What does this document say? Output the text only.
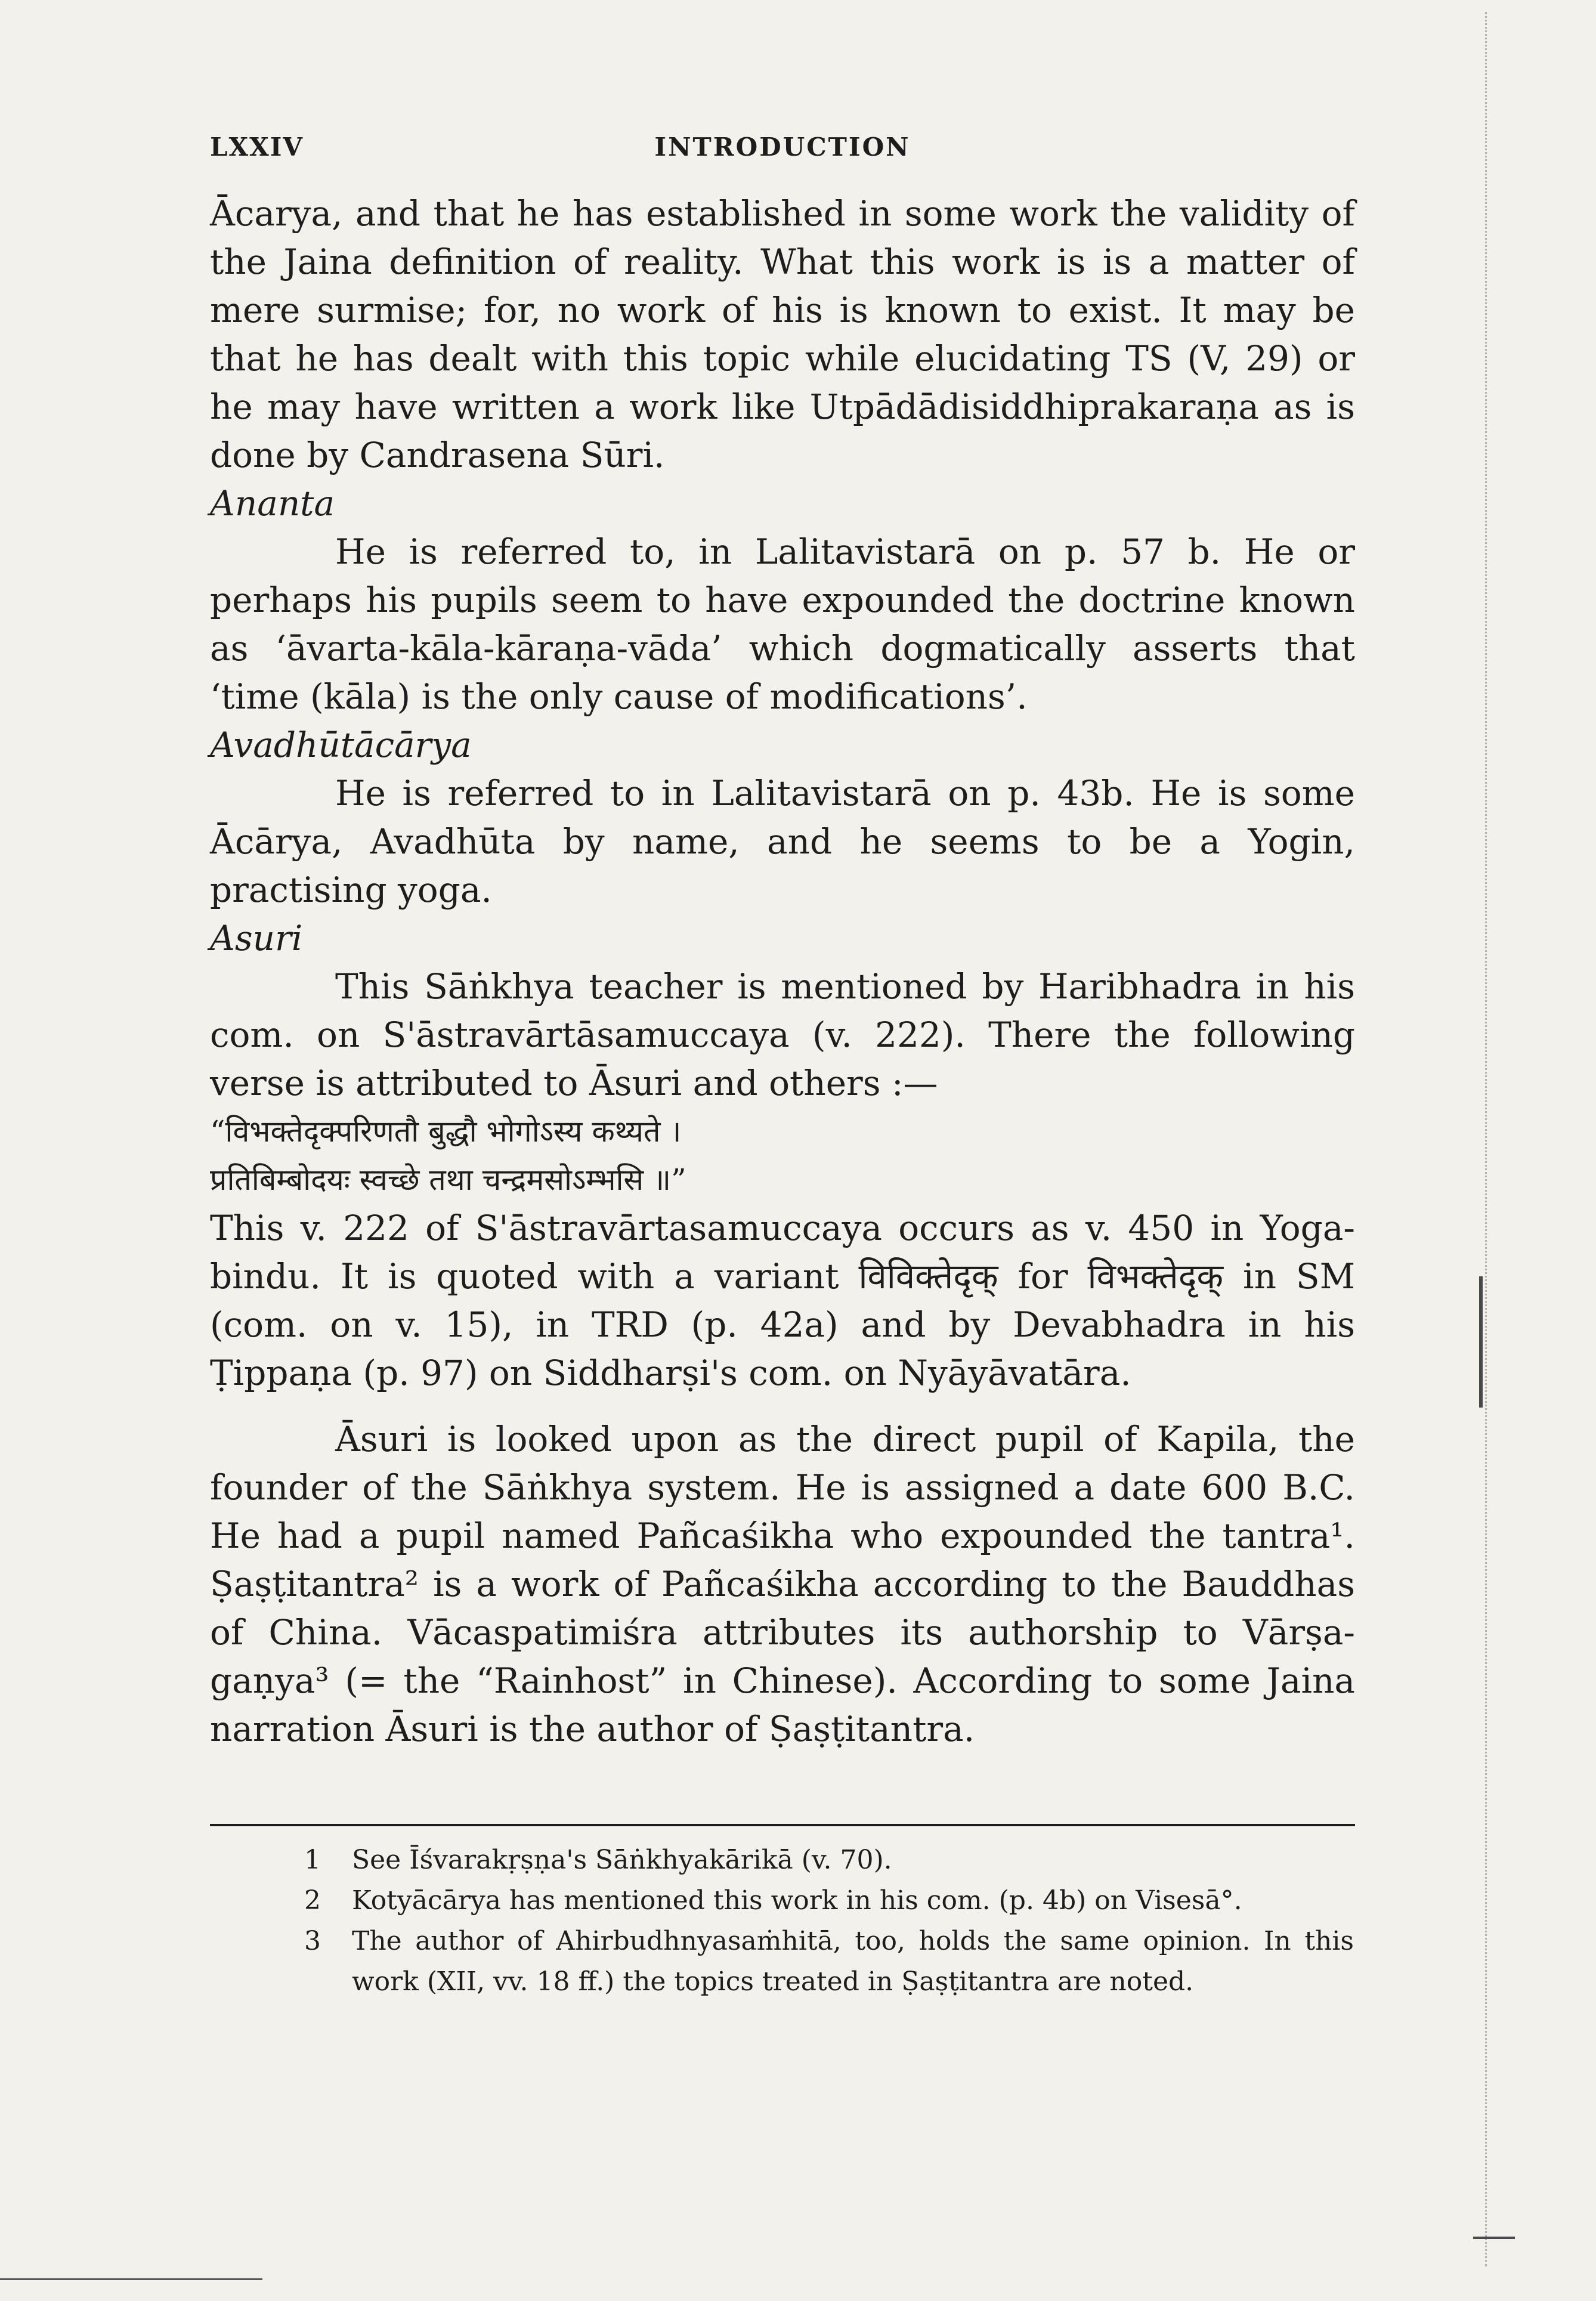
LXXIV	INTRODUCTION

Ācarya, and that he has established in some work the validity of the Jaina definition of reality. What this work is is a matter of mere surmise; for, no work of his is known to exist. It may be that he has dealt with this topic while elucidating TS (V, 29) or he may have written a work like Utpādādisiddhiprakaraṇa as is done by Candrasena Sūri.

Ananta

He is referred to, in Lalitavistarā on p. 57 b. He or perhaps his pupils seem to have expounded the doctrine known as ‘āvarta-kāla-kāraṇa-vāda’ which dogmatically asserts that ‘time (kāla) is the only cause of modifications’.

Avadhūtācārya

He is referred to in Lalitavistarā on p. 43b. He is some Ācārya, Avadhūta by name, and he seems to be a Yogin, practising yoga.

Asuri

This Sāṅkhya teacher is mentioned by Haribhadra in his com. on S'āstravārtāsamuccaya (v. 222). There the following verse is attributed to Āsuri and others :—

“विभक्तेदृक्परिणतौ बुद्धौ भोगोऽस्य कथ्यते ।

प्रतिबिम्बोदयः स्वच्छे तथा चन्द्रमसोऽम्भसि ॥”

This v. 222 of S'āstravārtasamuccaya occurs as v. 450 in Yoga-bindu. It is quoted with a variant विविक्तेदृक् for विभक्तेदृक् in SM (com. on v. 15), in TRD (p. 42a) and by Devabhadra in his Ṭippaṇa (p. 97) on Siddharṣi's com. on Nyāyāvatāra.

Āsuri is looked upon as the direct pupil of Kapila, the founder of the Sāṅkhya system. He is assigned a date 600 B.C. He had a pupil named Pañcaśikha who expounded the tantra¹. Ṣaṣṭitantra² is a work of Pañcaśikha according to the Bauddhas of China. Vācaspatimiśra attributes its authorship to Vārṣa-gaṇya³ (= the “Rainhost” in Chinese). According to some Jaina narration Āsuri is the author of Ṣaṣṭitantra.

1	See Īśvarakṛṣṇa's Sāṅkhyakārikā (v. 70).
2	Kotyācārya has mentioned this work in his com. (p. 4b) on Visesā°.
3	The author of Ahirbudhnyasaṁhitā, too, holds the same opinion. In this work (XII, vv. 18 ff.) the topics treated in Ṣaṣṭitantra are noted.
